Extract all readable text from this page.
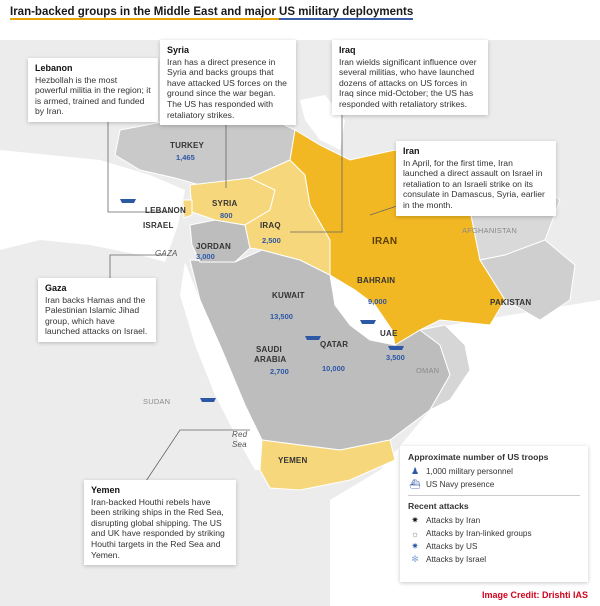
Iran-backed groups in the Middle East and major US military deployments
TURKEY
1,465
SYRIA
800
LEBANON
ISRAEL
JORDAN
3,000
IRAQ
2,500	IRAN
AFGHANISTAN
PAKISTAN
GAZA
KUWAIT
13,500
BAHRAIN
9,000
SAUDI
ARABIA
2,700
QATAR
10,000
UAE
3,500
OMAN
SUDAN
Red
Sea
YEMEN
Lebanon
Hezbollah is the most powerful militia in the region; it is armed, trained and funded by Iran.
Syria
Iran has a direct presence in Syria and backs groups that have attacked US forces on the ground since the war began. The US has responded with retaliatory strikes.
Iraq
Iran wields significant influence over several militias, who have launched dozens of attacks on US forces in Iraq since mid-October; the US has responded with retaliatory strikes.
Iran
In April, for the first time, Iran launched a direct assault on Israel in retaliation to an Israeli strike on its consulate in Damascus, Syria, earlier in the month.
Gaza
Iran backs Hamas and the Palestinian Islamic Jihad group, which have launched attacks on Israel.
Yemen
Iran-backed Houthi rebels have been striking ships in the Red Sea, disrupting global shipping. The US and UK have responded by striking Houthi targets in the Red Sea and Yemen.
Approximate number of US troops
♟ 1,000 military personnel
⛴ US Navy presence
Recent attacks
✷ Attacks by Iran
☼ Attacks by Iran-linked groups
✷ Attacks by US
✻ Attacks by Israel
Image Credit: Drishti IAS
